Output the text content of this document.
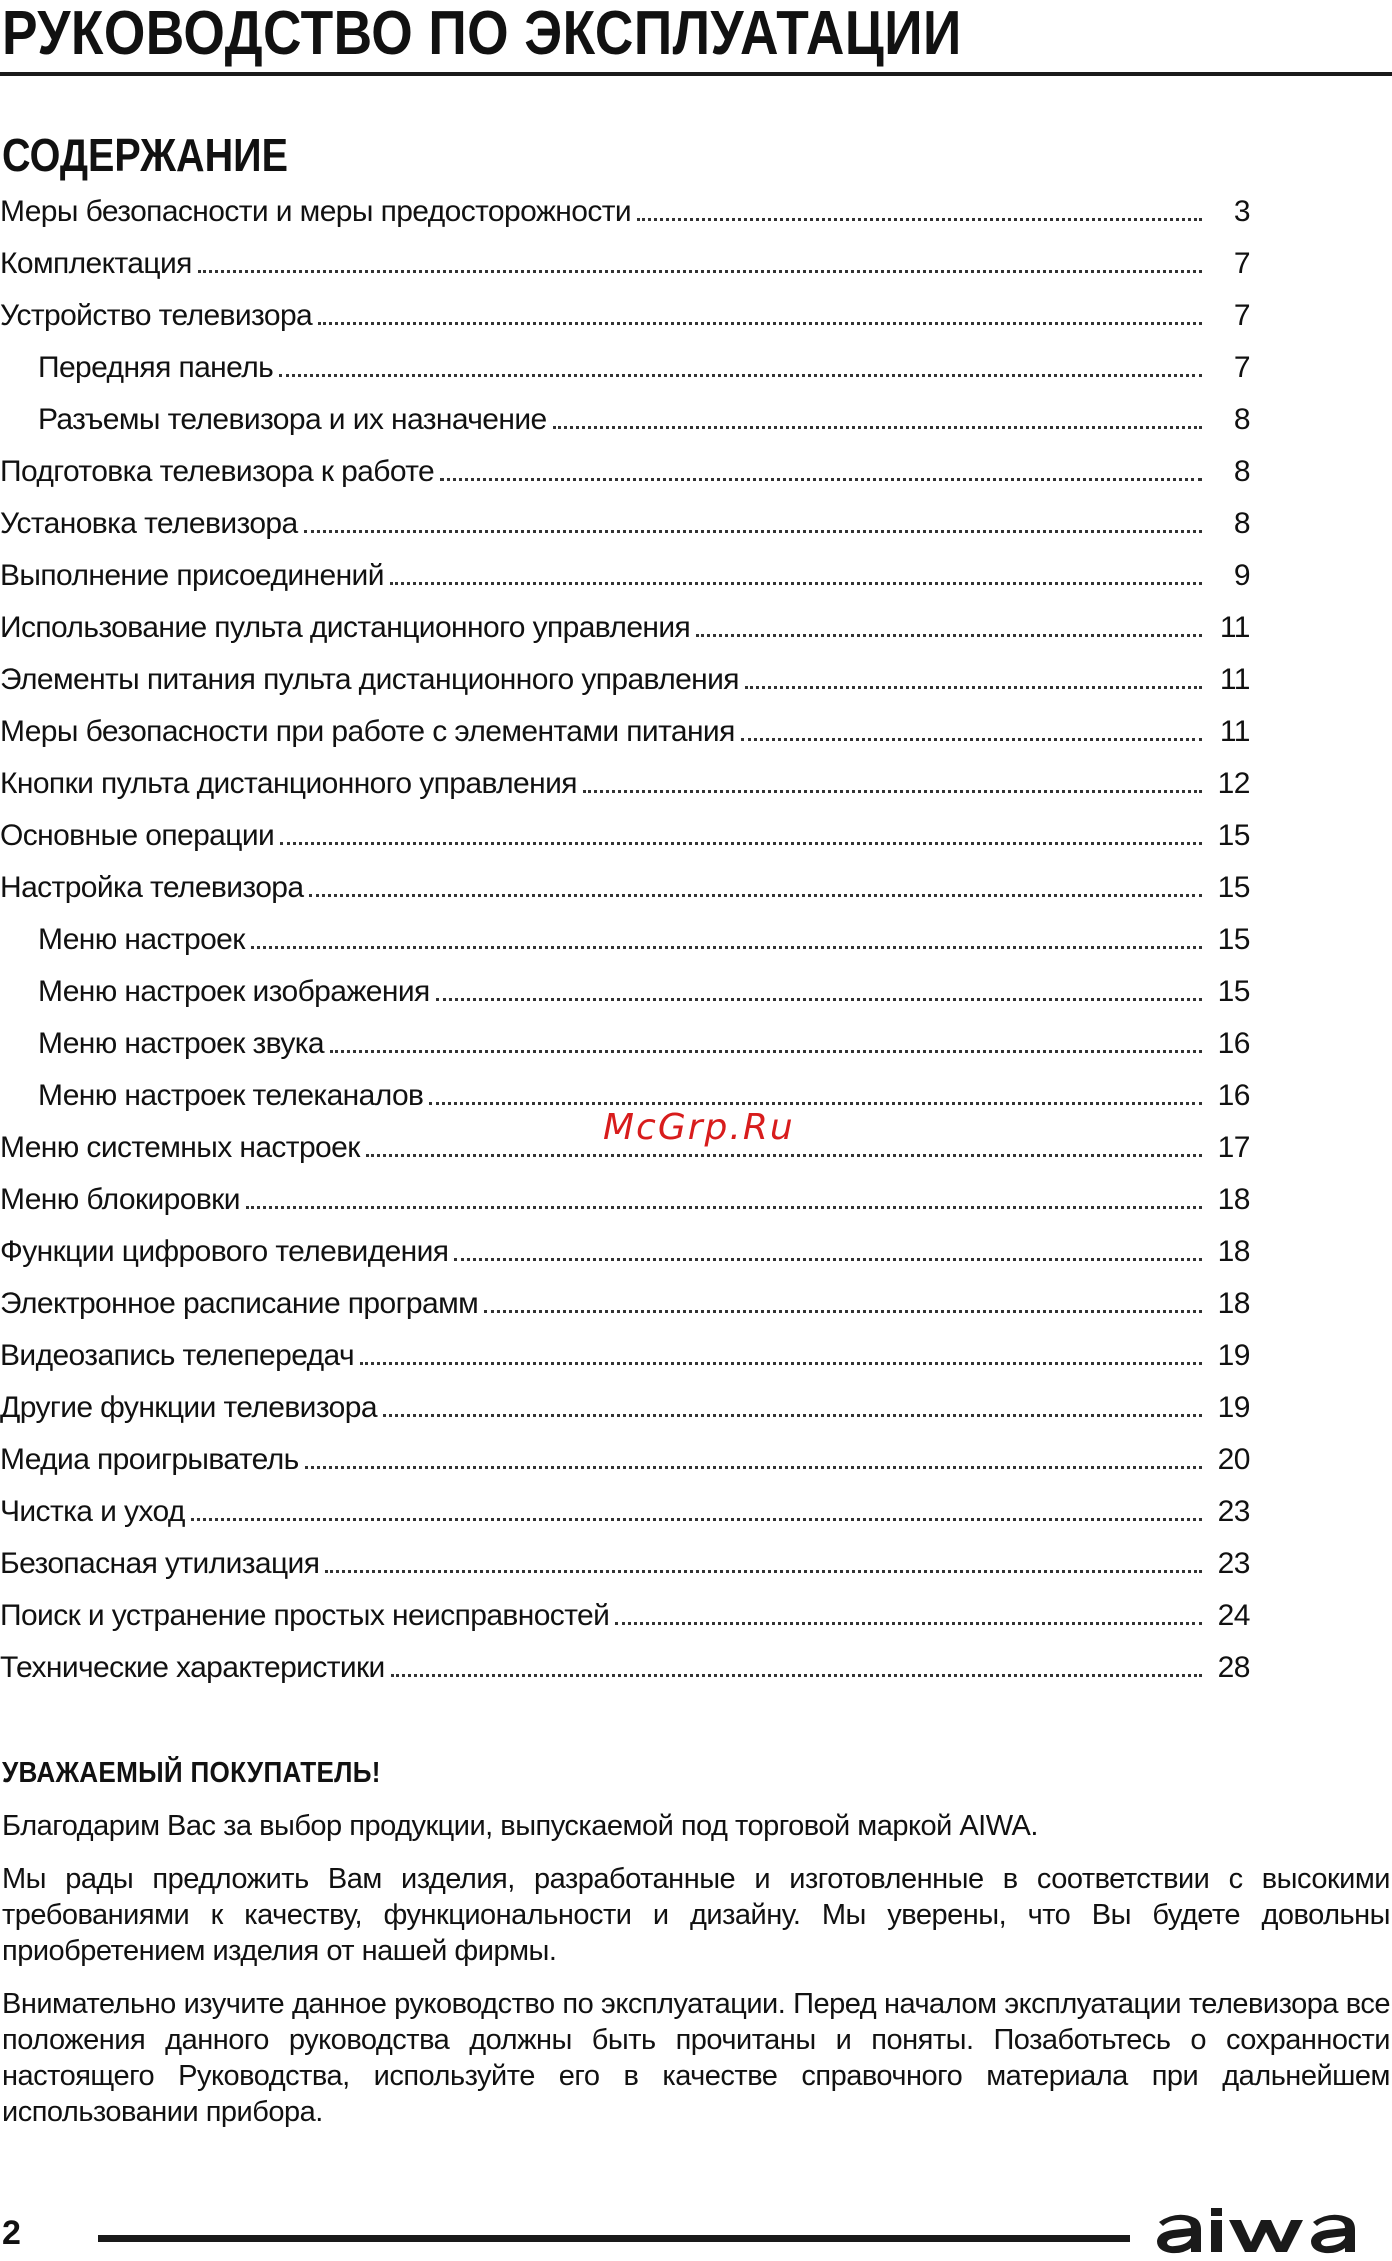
РУКОВОДСТВО ПО ЭКСПЛУАТАЦИИ
СОДЕРЖАНИЕ
Меры безопасности и меры предосторожности	3
Комплектация	7
Устройство телевизора	7
Передняя панель	7
Разъемы телевизора и их назначение	8
Подготовка телевизора к работе	8
Установка телевизора	8
Выполнение присоединений	9
Использование пульта дистанционного управления	11
Элементы питания пульта дистанционного управления	11
Меры безопасности при работе с элементами питания	11
Кнопки пульта дистанционного управления	12
Основные операции	15
Настройка телевизора	15
Меню настроек	15
Меню настроек изображения	15
Меню настроек звука	16
Меню настроек телеканалов	16
Меню системных настроек	17
Меню блокировки	18
Функции цифрового телевидения	18
Электронное расписание программ	18
Видеозапись телепередач	19
Другие функции телевизора	19
Медиа проигрыватель	20
Чистка и уход	23
Безопасная утилизация	23
Поиск и устранение простых неисправностей	24
Технические характеристики	28
McGrp.Ru
УВАЖАЕМЫЙ ПОКУПАТЕЛЬ!
Благодарим Вас за выбор продукции, выпускаемой под торговой маркой AIWA.
Мы рады предложить Вам изделия, разработанные и изготовленные в соответствии с высокими требованиями к качеству, функциональности и дизайну. Мы уверены, что Вы будете довольны приобретением изделия от нашей фирмы.
Внимательно изучите данное руководство по эксплуатации. Перед началом эксплуатации телевизора все положения данного руководства должны быть прочитаны и поняты. Позаботьтесь о сохранности настоящего Руководства, используйте его в качестве справочного материала при дальнейшем использовании прибора.
2
